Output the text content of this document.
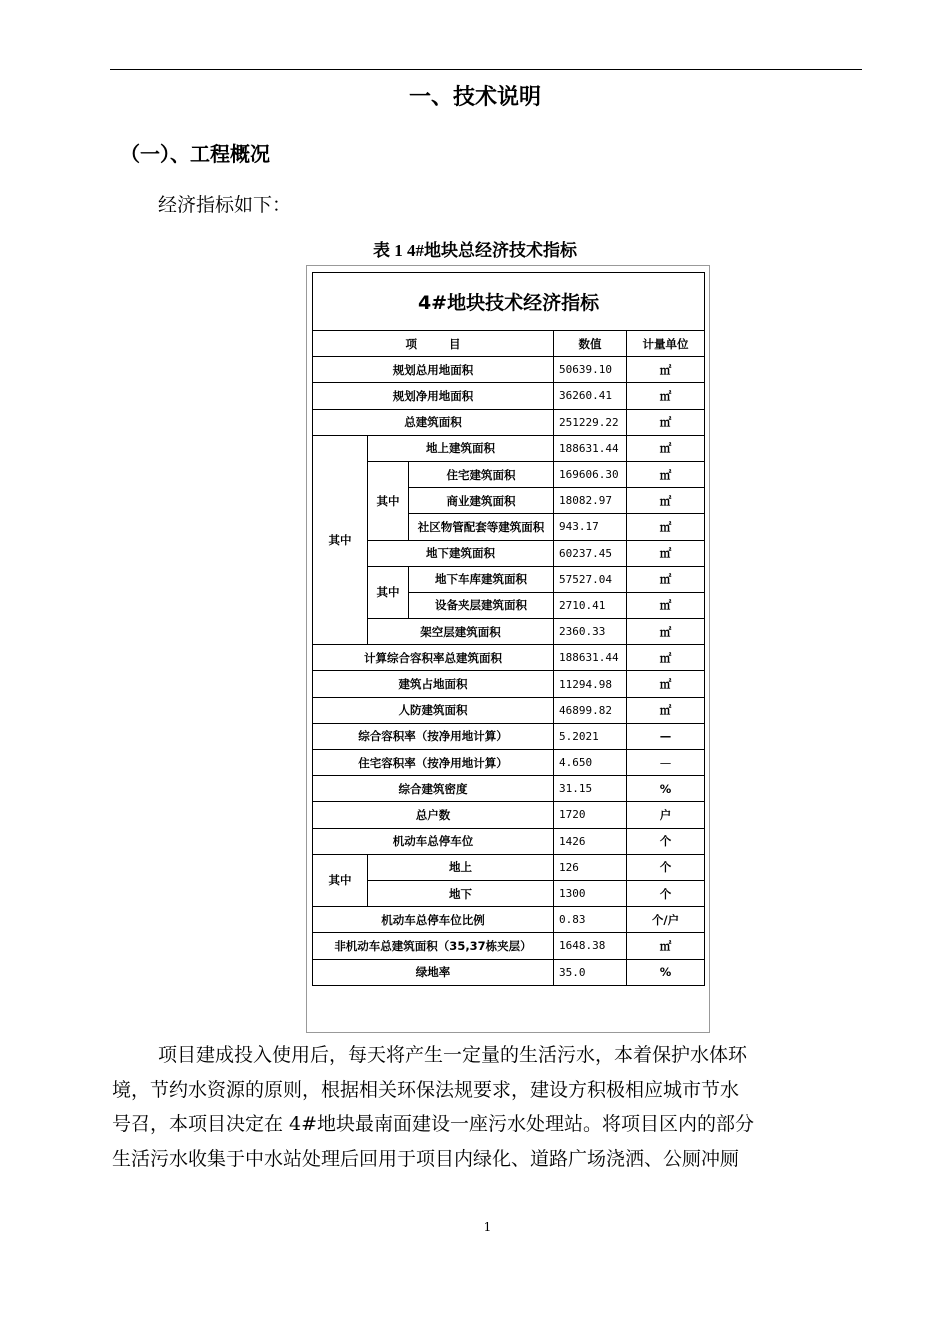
一、技术说明
（一）、工程概况
经济指标如下：
表 1 4#地块总经济技术指标
4#地块技术经济指标				
项        目			数值	计量单位
规划总用地面积			50639.10	㎡
规划净用地面积			36260.41	㎡
总建筑面积			251229.22	㎡
其中	地上建筑面积		188631.44	㎡
	其中	住宅建筑面积	169606.30	㎡
		商业建筑面积	18082.97	㎡
		社区物管配套等建筑面积	943.17	㎡
	地下建筑面积		60237.45	㎡
	其中	地下车库建筑面积	57527.04	㎡
		设备夹层建筑面积	2710.41	㎡
	架空层建筑面积		2360.33	㎡
计算综合容积率总建筑面积			188631.44	㎡
建筑占地面积			11294.98	㎡
人防建筑面积			46899.82	㎡
综合容积率（按净用地计算）			5.2021	—
住宅容积率（按净用地计算）			4.650	—
综合建筑密度			31.15	%
总户数			1720	户
机动车总停车位			1426	个
其中	地上		126	个
	地下		1300	个
机动车总停车位比例			0.83	个/户
非机动车总建筑面积（35,37栋夹层）			1648.38	㎡
绿地率			35.0	%
项目建成投入使用后，每天将产生一定量的生活污水，本着保护水体环
境，节约水资源的原则，根据相关环保法规要求，建设方积极相应城市节水
号召，本项目决定在 4#地块最南面建设一座污水处理站。将项目区内的部分
生活污水收集于中水站处理后回用于项目内绿化、道路广场浇洒、公厕冲厕
1
